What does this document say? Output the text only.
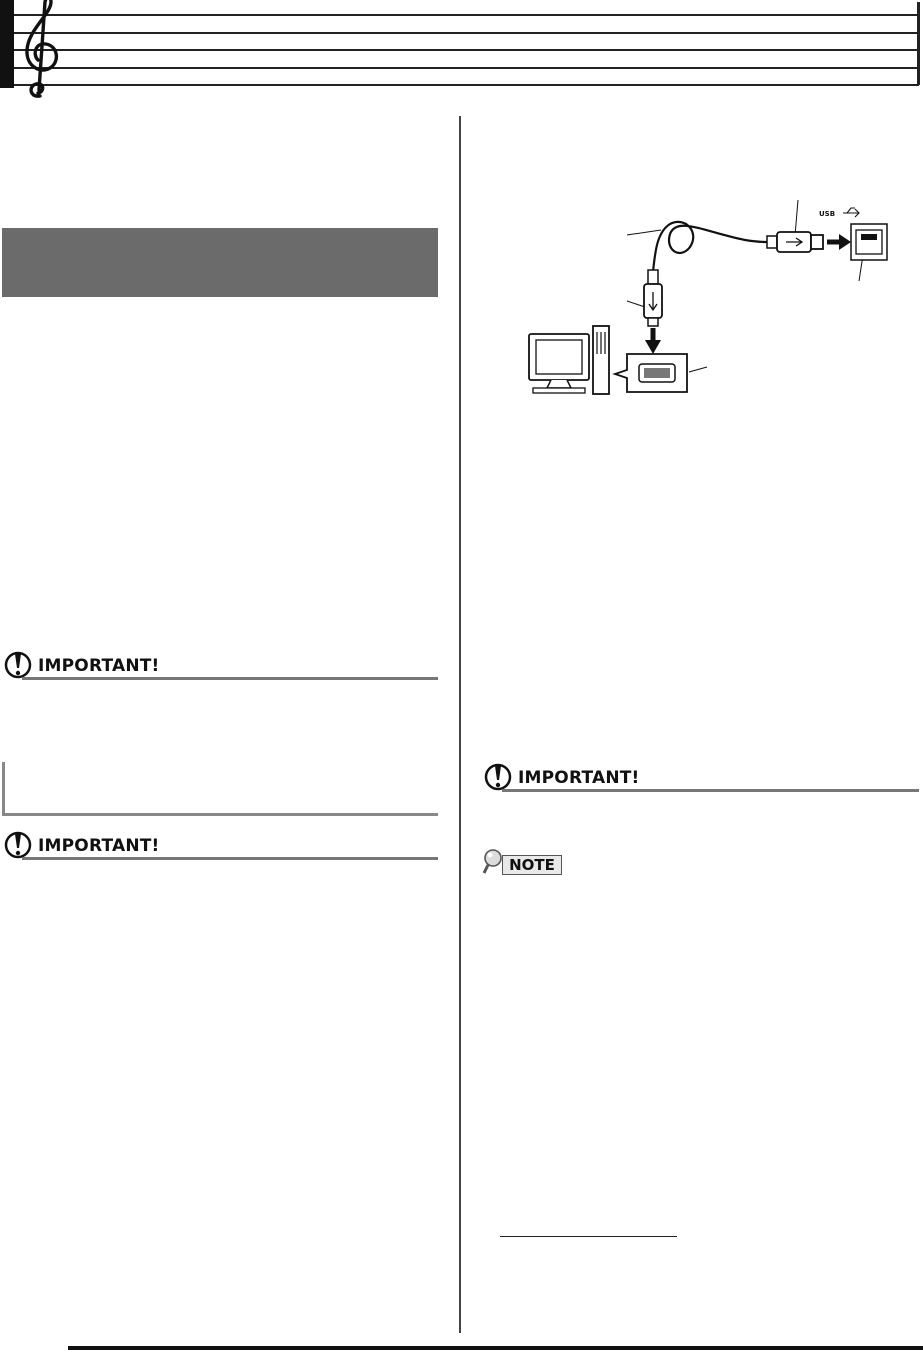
IMPORTANT!
IMPORTANT!
USB
IMPORTANT!
NOTE
